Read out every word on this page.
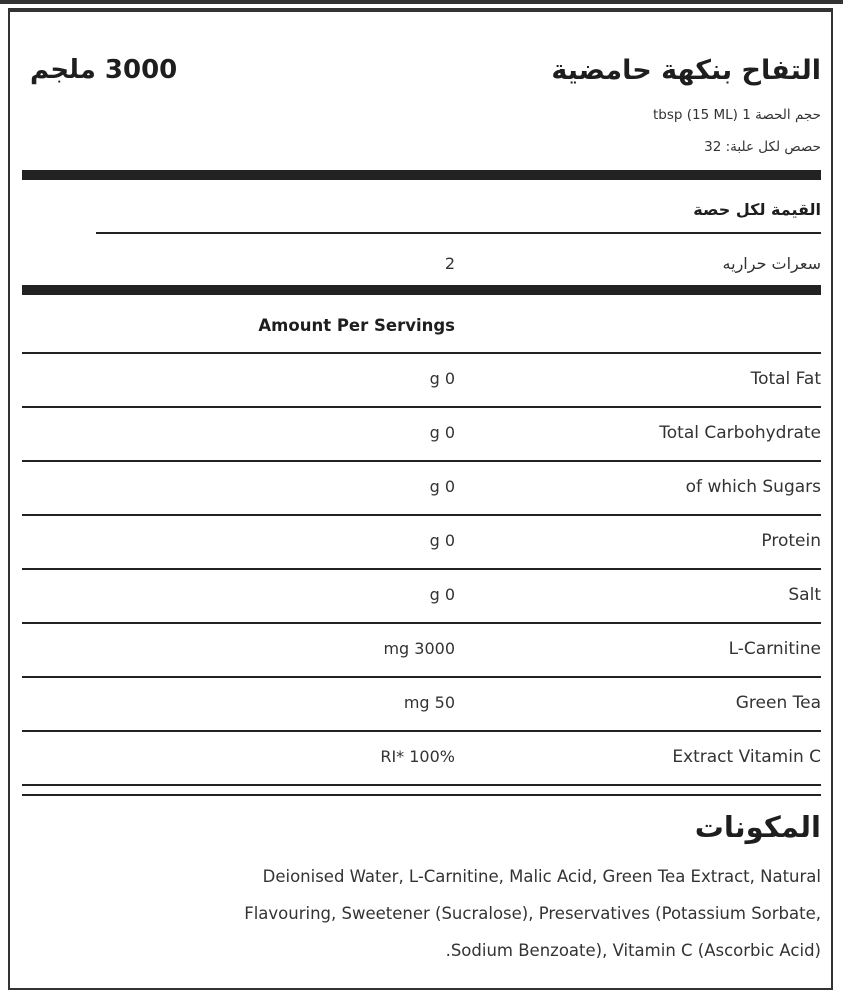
التفاح بنكهة حامضية
3000 ملجم
حجم الحصة 1 tbsp (15 ML)
حصص لكل علبة: 32
القيمة لكل حصة
سعرات حراريه
2
Amount Per Servings
Total Fat
g 0
Total Carbohydrate
g 0
of which Sugars
g 0
Protein
g 0
Salt
g 0
L-Carnitine
mg 3000
Green Tea
mg 50
Extract Vitamin C
RI* 100%
المكونات
Deionised Water, L-Carnitine, Malic Acid, Green Tea Extract, Natural
Flavouring, Sweetener (Sucralose), Preservatives (Potassium Sorbate,
.Sodium Benzoate), Vitamin C (Ascorbic Acid)
